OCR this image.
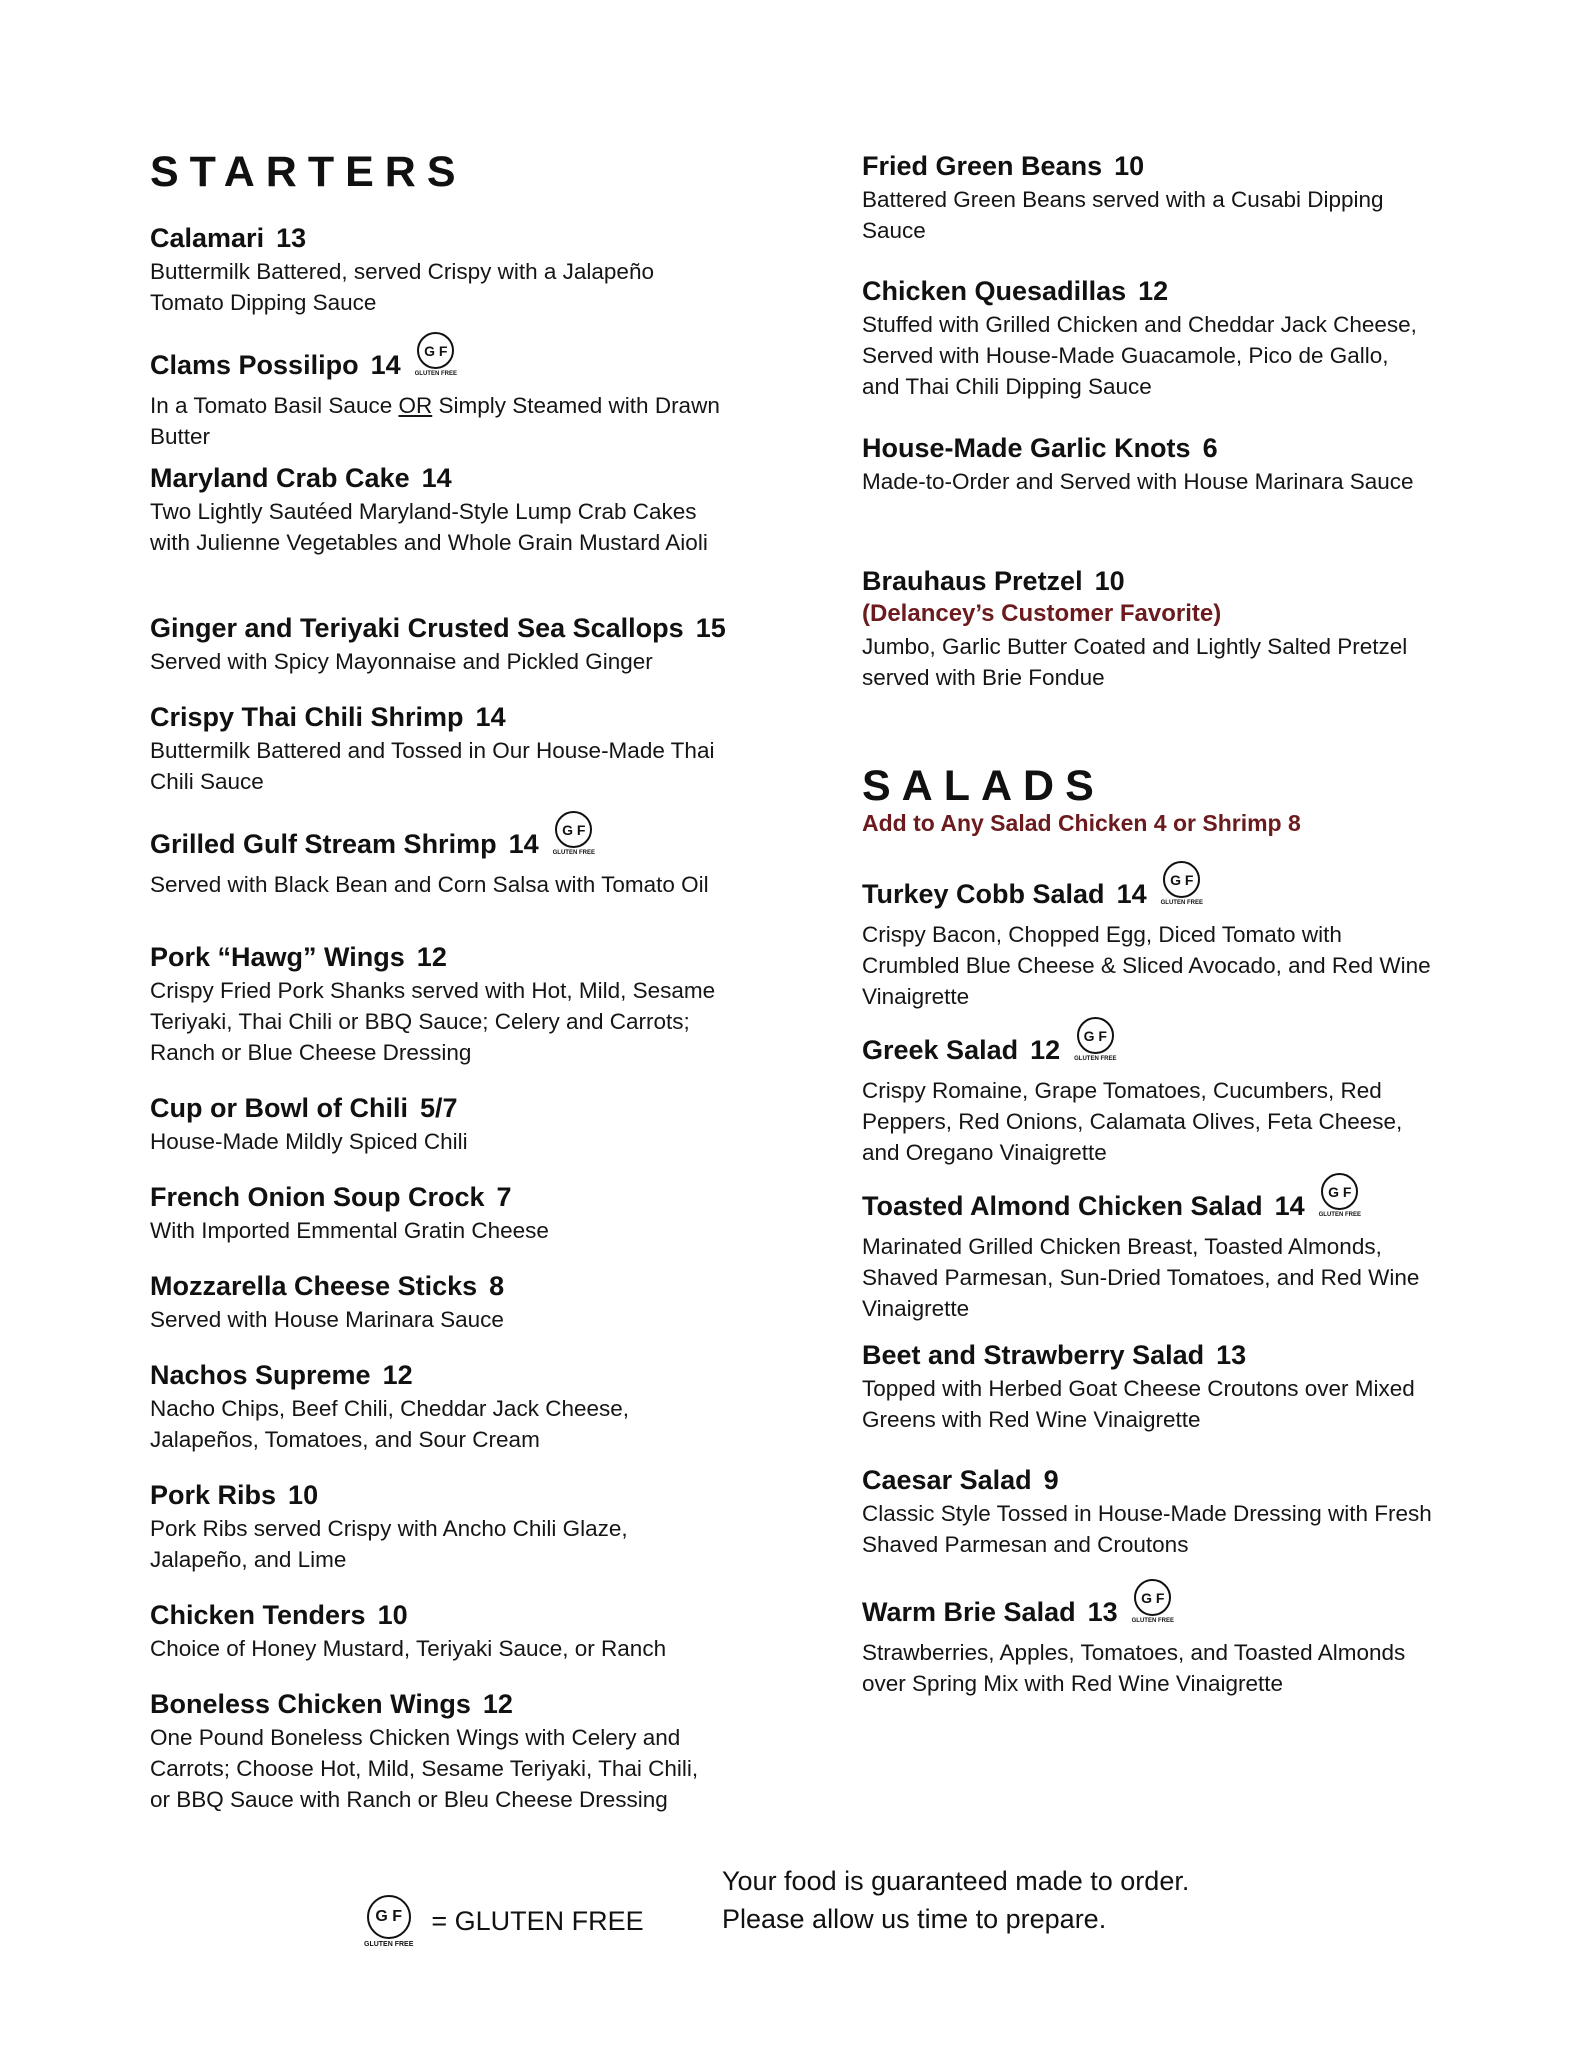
STARTERS
Calamari 13
Buttermilk Battered, served Crispy with a Jalapeño Tomato Dipping Sauce
Clams Possilipo 14	G F
GLUTEN FREE
In a Tomato Basil Sauce OR Simply Steamed with Drawn Butter
Maryland Crab Cake 14
Two Lightly Sautéed Maryland-Style Lump Crab Cakes with Julienne Vegetables and Whole Grain Mustard Aioli
Ginger and Teriyaki Crusted Sea Scallops 15
Served with Spicy Mayonnaise and Pickled Ginger
Crispy Thai Chili Shrimp 14
Buttermilk Battered and Tossed in Our House-Made Thai Chili Sauce
Grilled Gulf Stream Shrimp 14	G F
GLUTEN FREE
Served with Black Bean and Corn Salsa with Tomato Oil
Pork “Hawg” Wings 12
Crispy Fried Pork Shanks served with Hot, Mild, Sesame Teriyaki, Thai Chili or BBQ Sauce; Celery and Carrots; Ranch or Blue Cheese Dressing
Cup or Bowl of Chili 5/7
House-Made Mildly Spiced Chili
French Onion Soup Crock 7
With Imported Emmental Gratin Cheese
Mozzarella Cheese Sticks 8
Served with House Marinara Sauce
Nachos Supreme 12
Nacho Chips, Beef Chili, Cheddar Jack Cheese, Jalapeños, Tomatoes, and Sour Cream
Pork Ribs 10
Pork Ribs served Crispy with Ancho Chili Glaze, Jalapeño, and Lime
Chicken Tenders 10
Choice of Honey Mustard, Teriyaki Sauce, or Ranch
Boneless Chicken Wings 12
One Pound Boneless Chicken Wings with Celery and Carrots; Choose Hot, Mild, Sesame Teriyaki, Thai Chili, or BBQ Sauce with Ranch or Bleu Cheese Dressing
Fried Green Beans 10
Battered Green Beans served with a Cusabi Dipping Sauce
Chicken Quesadillas 12
Stuffed with Grilled Chicken and Cheddar Jack Cheese, Served with House-Made Guacamole, Pico de Gallo, and Thai Chili Dipping Sauce
House-Made Garlic Knots 6
Made-to-Order and Served with House Marinara Sauce
Brauhaus Pretzel 10
(Delancey’s Customer Favorite)
Jumbo, Garlic Butter Coated and Lightly Salted Pretzel served with Brie Fondue
SALADS
Add to Any Salad Chicken 4 or Shrimp 8
Turkey Cobb Salad 14	G F
GLUTEN FREE
Crispy Bacon, Chopped Egg, Diced Tomato with Crumbled Blue Cheese & Sliced Avocado, and Red Wine Vinaigrette
Greek Salad 12	G F
GLUTEN FREE
Crispy Romaine, Grape Tomatoes, Cucumbers, Red Peppers, Red Onions, Calamata Olives, Feta Cheese, and Oregano Vinaigrette
Toasted Almond Chicken Salad 14	G F
GLUTEN FREE
Marinated Grilled Chicken Breast, Toasted Almonds, Shaved Parmesan, Sun-Dried Tomatoes, and Red Wine Vinaigrette
Beet and Strawberry Salad 13
Topped with Herbed Goat Cheese Croutons over Mixed Greens with Red Wine Vinaigrette
Caesar Salad 9
Classic Style Tossed in House-Made Dressing with Fresh Shaved Parmesan and Croutons
Warm Brie Salad 13	G F
GLUTEN FREE
Strawberries, Apples, Tomatoes, and Toasted Almonds over Spring Mix with Red Wine Vinaigrette
G F
GLUTEN FREE
= GLUTEN FREE
Your food is guaranteed made to order.
Please allow us time to prepare.
